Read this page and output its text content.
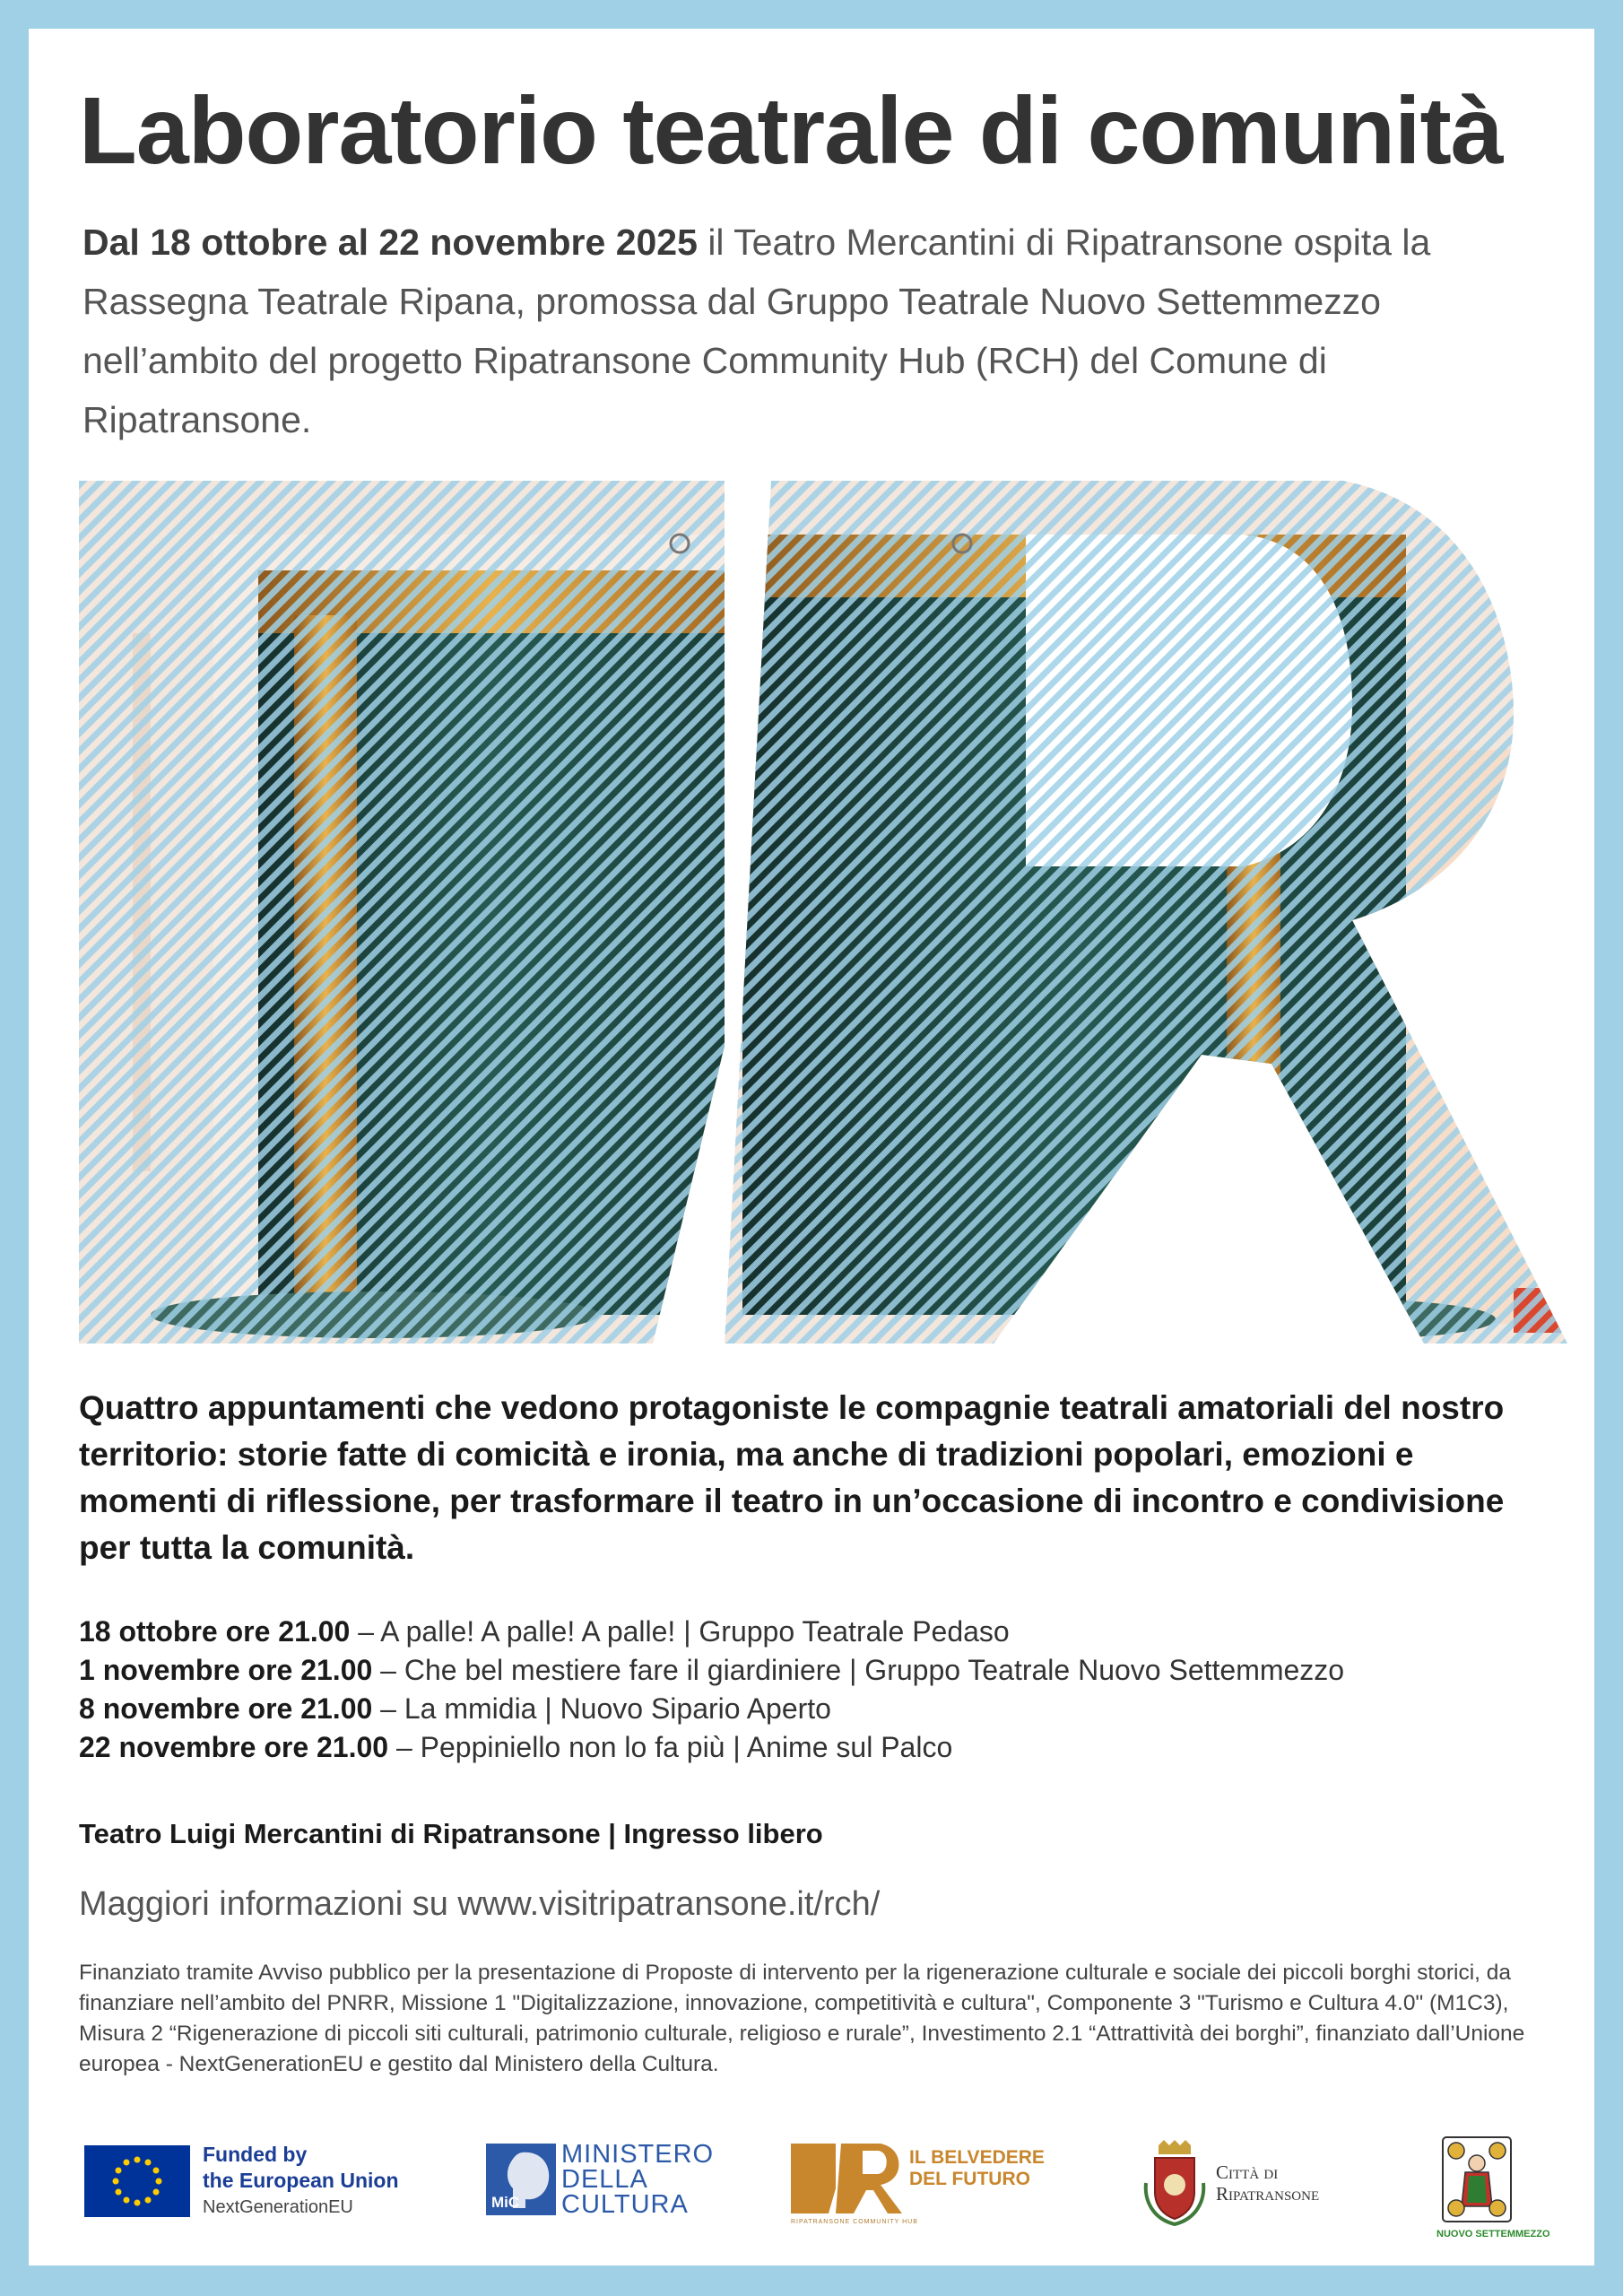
Laboratorio teatrale di comunità

Dal 18 ottobre al 22 novembre 2025 il Teatro Mercantini di Ripatransone ospita la Rassegna Teatrale Ripana, promossa dal Gruppo Teatrale Nuovo Settemmezzo nell’ambito del progetto Ripatransone Community Hub (RCH) del Comune di Ripatransone.

Quattro appuntamenti che vedono protagoniste le compagnie teatrali amatoriali del nostro territorio: storie fatte di comicità e ironia, ma anche di tradizioni popolari, emozioni e momenti di riflessione, per trasformare il teatro in un’occasione di incontro e condivisione per tutta la comunità.

18 ottobre ore 21.00 – A palle! A palle! A palle! | Gruppo Teatrale Pedaso
1 novembre ore 21.00 – Che bel mestiere fare il giardiniere | Gruppo Teatrale Nuovo Settemmezzo
8 novembre ore 21.00 – La mmidia | Nuovo Sipario Aperto
22 novembre ore 21.00 – Peppiniello non lo fa più | Anime sul Palco
Teatro Luigi Mercantini di Ripatransone | Ingresso libero
Maggiori informazioni su www.visitripatransone.it/rch/

Finanziato tramite Avviso pubblico per la presentazione di Proposte di intervento per la rigenerazione culturale e sociale dei piccoli borghi storici, da finanziare nell’ambito del PNRR, Missione 1 "Digitalizzazione, innovazione, competitività e cultura", Componente 3 "Turismo e Cultura 4.0" (M1C3), Misura 2 “Rigenerazione di piccoli siti culturali, patrimonio culturale, religioso e rurale”, Investimento 2.1 “Attrattività dei borghi”, finanziato dall’Unione europea - NextGenerationEU e gestito dal Ministero della Cultura.

Funded by
the European Union
NextGenerationEU	MiC
MINISTERO
DELLA
CULTURA
RIPATRANSONE COMMUNITY HUB
IL BELVEDERE
DEL FUTURO	Città di
Ripatransone
NUOVO SETTEMMEZZO
